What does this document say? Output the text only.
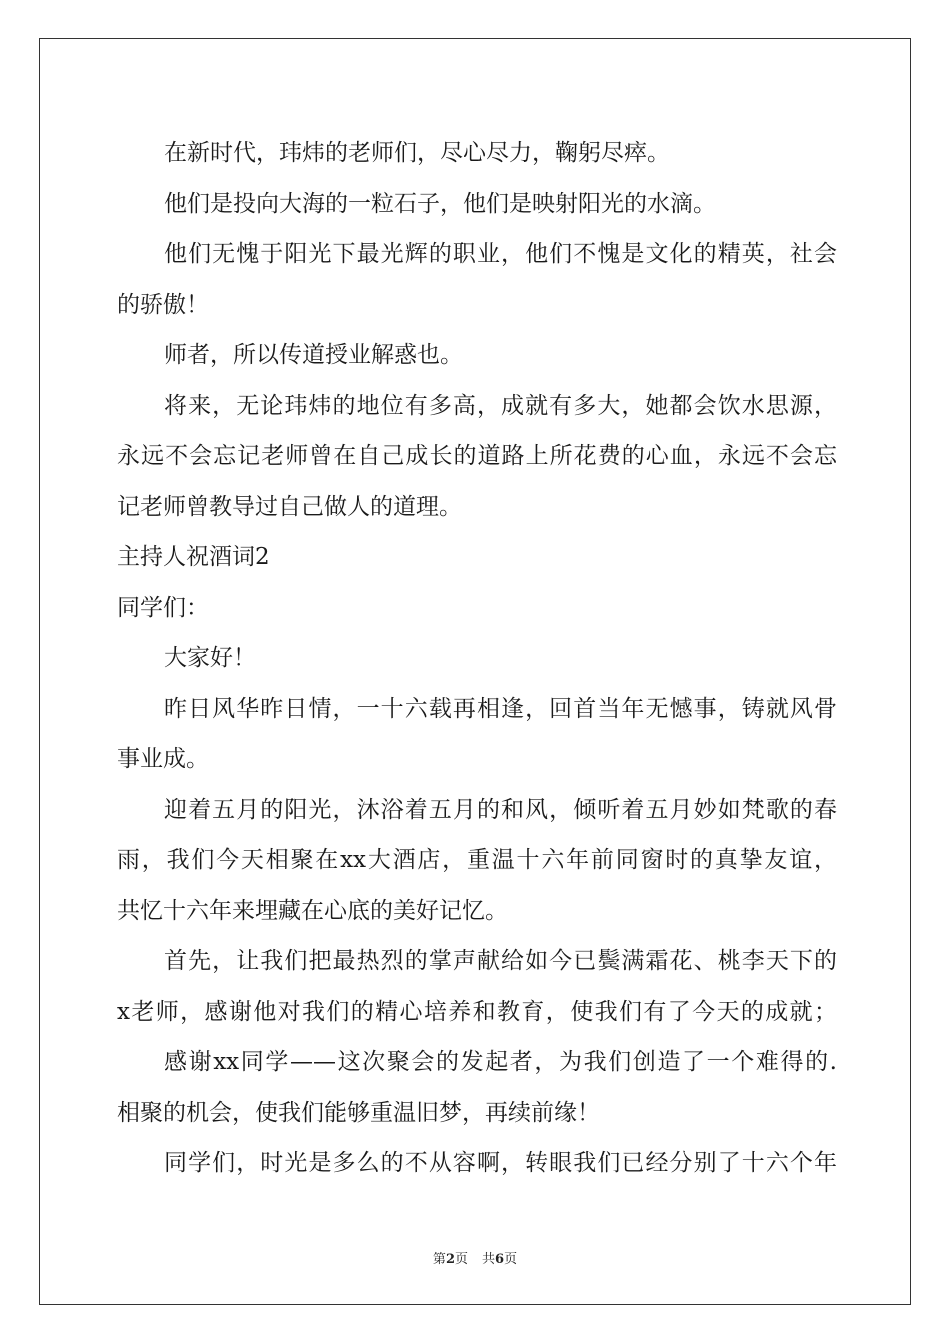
在新时代，玮炜的老师们，尽心尽力，鞠躬尽瘁。
他们是投向大海的一粒石子，他们是映射阳光的水滴。
他们无愧于阳光下最光辉的职业，他们不愧是文化的精英，社会
的骄傲！
师者，所以传道授业解惑也。
将来，无论玮炜的地位有多高，成就有多大，她都会饮水思源，
永远不会忘记老师曾在自己成长的道路上所花费的心血，永远不会忘
记老师曾教导过自己做人的道理。
主持人祝酒词2
同学们：
大家好！
昨日风华昨日情，一十六载再相逢，回首当年无憾事，铸就风骨
事业成。
迎着五月的阳光，沐浴着五月的和风，倾听着五月妙如梵歌的春
雨，我们今天相聚在xx大酒店，重温十六年前同窗时的真挚友谊，
共忆十六年来埋藏在心底的美好记忆。
首先，让我们把最热烈的掌声献给如今已鬓满霜花、桃李天下的
x老师，感谢他对我们的精心培养和教育，使我们有了今天的成就；
感谢xx同学——这次聚会的发起者，为我们创造了一个难得的.
相聚的机会，使我们能够重温旧梦，再续前缘！
同学们，时光是多么的不从容啊，转眼我们已经分别了十六个年
第2页 共6页
